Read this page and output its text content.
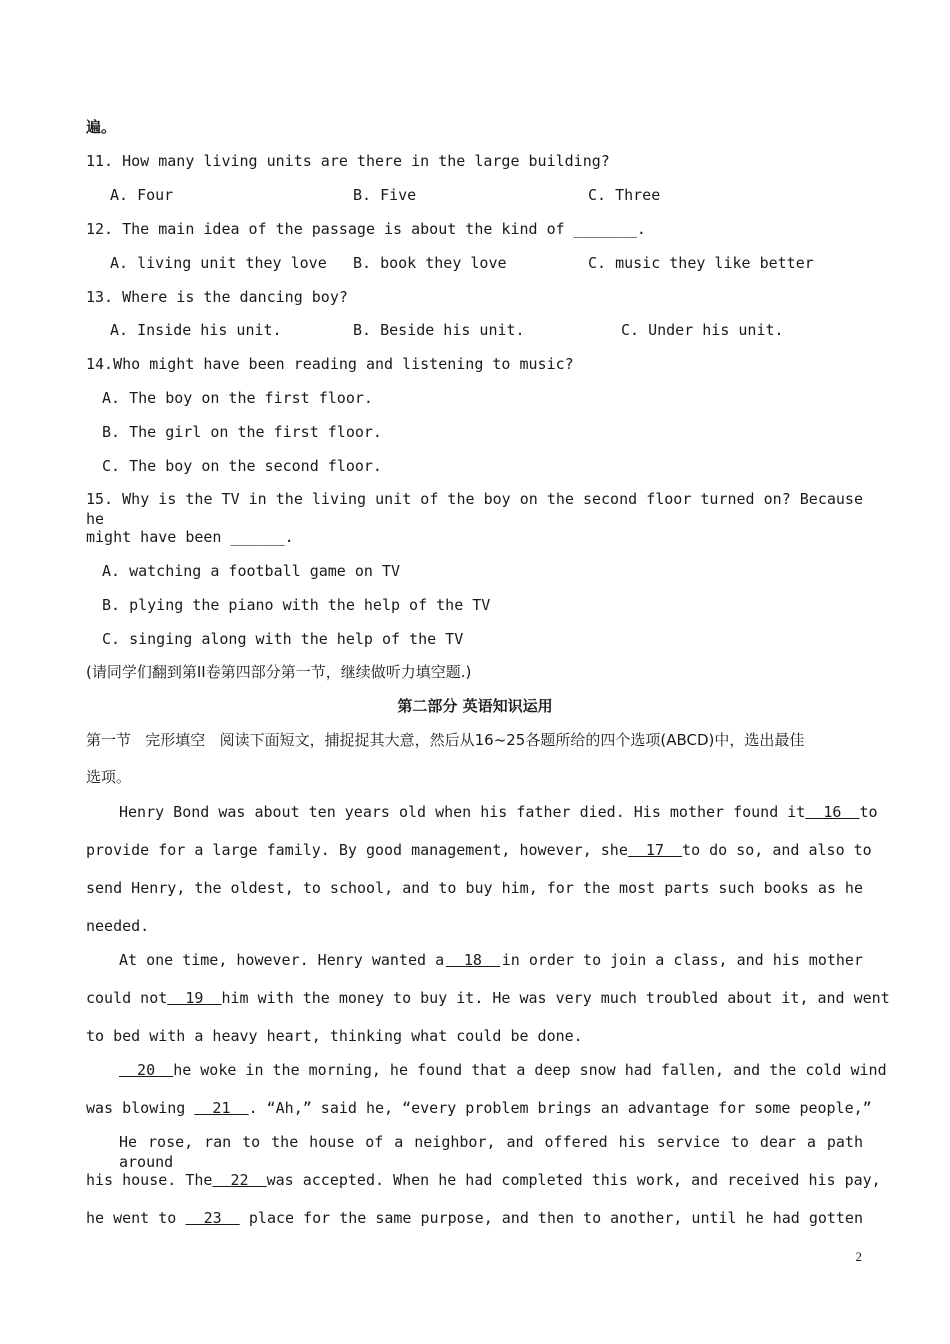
遍。
11. How many living units are there in the large building?
A. Four	B. Five	C. Three
12. The main idea of the passage is about the kind of _______.
A. living unit they love B. book they love	C. music they like better
13. Where is the dancing boy?
A. Inside his unit.	B. Beside his unit.	C. Under his unit.
14.Who might have been reading and listening to music?
A. The boy on the first floor.
B. The girl on the first floor.
C. The boy on the second floor.
15. Why is the TV in the living unit of the boy on the second floor turned on? Because he
might have been ______.
A. watching a football game on TV
B. plying the piano with the help of the TV
C. singing along with the help of the TV
(请同学们翻到第II卷第四部分第一节，继续做听力填空题.)
第二部分 英语知识运用
第一节   完形填空   阅读下面短文，捕捉捉其大意，然后从16~25各题所给的四个选项(ABCD)中，选出最佳
选项。
Henry Bond was about ten years old when his father died. His mother found it 16 to
provide for a large family. By good management, however, she 17 to do so, and also to
send Henry, the oldest, to school, and to buy him, for the most parts such books as he
needed.
At one time, however. Henry wanted a 18 in order to join a class, and his mother
could not 19 him with the money to buy it. He was very much troubled about it, and went
to bed with a heavy heart, thinking what could be done.
20 he woke in the morning, he found that a deep snow had fallen, and the cold wind
was blowing   21  . “Ah,” said he, “every problem brings an advantage for some people,”
He rose, ran to the house of a neighbor, and offered his service to dear a path around
his house. The 22 was accepted. When he had completed this work, and received his pay,
he went to 23 place for the same purpose, and then to another, until he had gotten
2
